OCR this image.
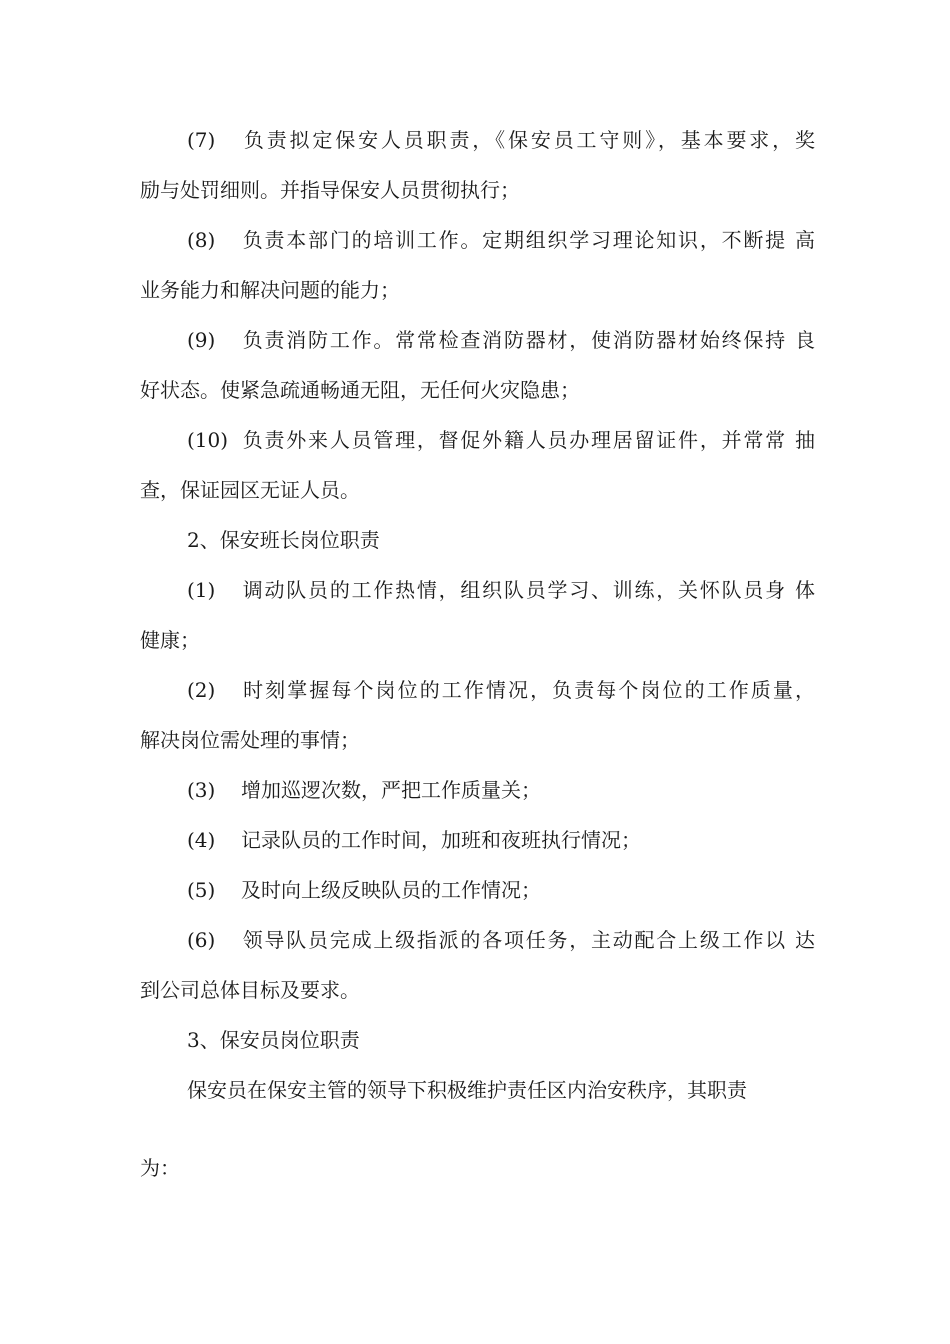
(7) 负责拟定保安人员职责，《保安员工守则》，基本要求，奖
励与处罚细则。并指导保安人员贯彻执行；
(8) 负责本部门的培训工作。定期组织学习理论知识，不断提 高
业务能力和解决问题的能力；
(9) 负责消防工作。常常检查消防器材，使消防器材始终保持 良
好状态。使紧急疏通畅通无阻，无任何火灾隐患；
(10) 负责外来人员管理，督促外籍人员办理居留证件，并常常 抽
查，保证园区无证人员。
2、保安班长岗位职责
(1) 调动队员的工作热情，组织队员学习、训练，关怀队员身 体
健康；
(2) 时刻掌握每个岗位的工作情况，负责每个岗位的工作质量，
解决岗位需处理的事情；
(3) 增加巡逻次数，严把工作质量关；
(4) 记录队员的工作时间，加班和夜班执行情况；
(5) 及时向上级反映队员的工作情况；
(6) 领导队员完成上级指派的各项任务，主动配合上级工作以 达
到公司总体目标及要求。
3、保安员岗位职责
保安员在保安主管的领导下积极维护责任区内治安秩序，其职责
为：
